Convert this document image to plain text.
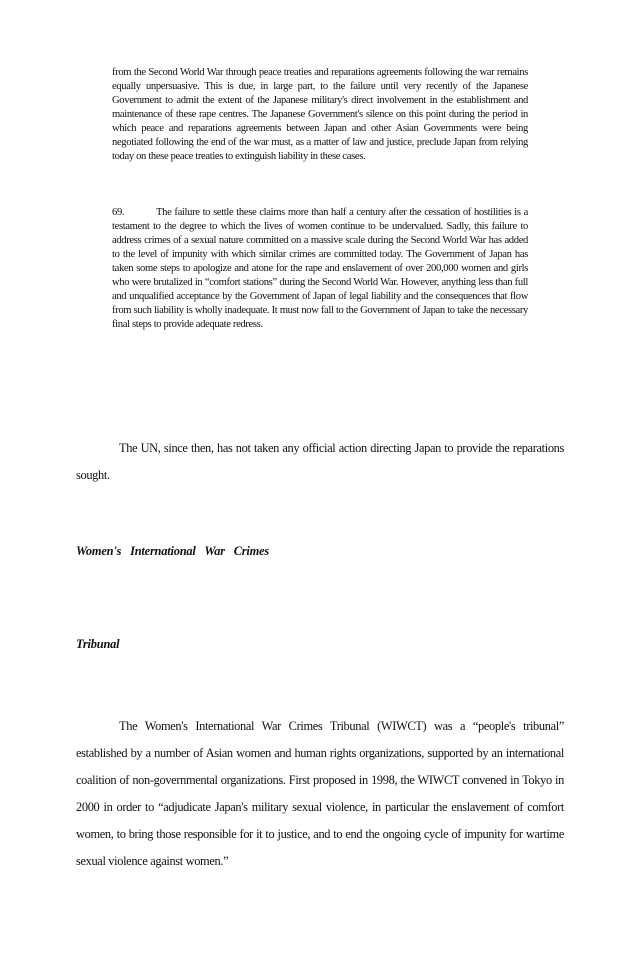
from the Second World War through peace treaties and reparations agreements following the war remains equally unpersuasive. This is due, in large part, to the failure until very recently of the Japanese Government to admit the extent of the Japanese military's direct involvement in the establishment and maintenance of these rape centres. The Japanese Government's silence on this point during the period in which peace and reparations agreements between Japan and other Asian Governments were being negotiated following the end of the war must, as a matter of law and justice, preclude Japan from relying today on these peace treaties to extinguish liability in these cases.

69.	The failure to settle these claims more than half a century after the cessation of hostilities is a testament to the degree to which the lives of women continue to be undervalued. Sadly, this failure to address crimes of a sexual nature committed on a massive scale during the Second World War has added to the level of impunity with which similar crimes are committed today. The Government of Japan has taken some steps to apologize and atone for the rape and enslavement of over 200,000 women and girls who were brutalized in “comfort stations” during the Second World War. However, anything less than full and unqualified acceptance by the Government of Japan of legal liability and the consequences that flow from such liability is wholly inadequate. It must now fall to the Government of Japan to take the necessary final steps to provide adequate redress.

The UN, since then, has not taken any official action directing Japan to provide the reparations sought.

Women's International War Crimes
Tribunal

The Women's International War Crimes Tribunal (WIWCT) was a “people's tribunal” established by a number of Asian women and human rights organizations, supported by an international coalition of non-governmental organizations. First proposed in 1998, the WIWCT convened in Tokyo in 2000 in order to “adjudicate Japan's military sexual violence, in particular the enslavement of comfort women, to bring those responsible for it to justice, and to end the ongoing cycle of impunity for wartime sexual violence against women.”
